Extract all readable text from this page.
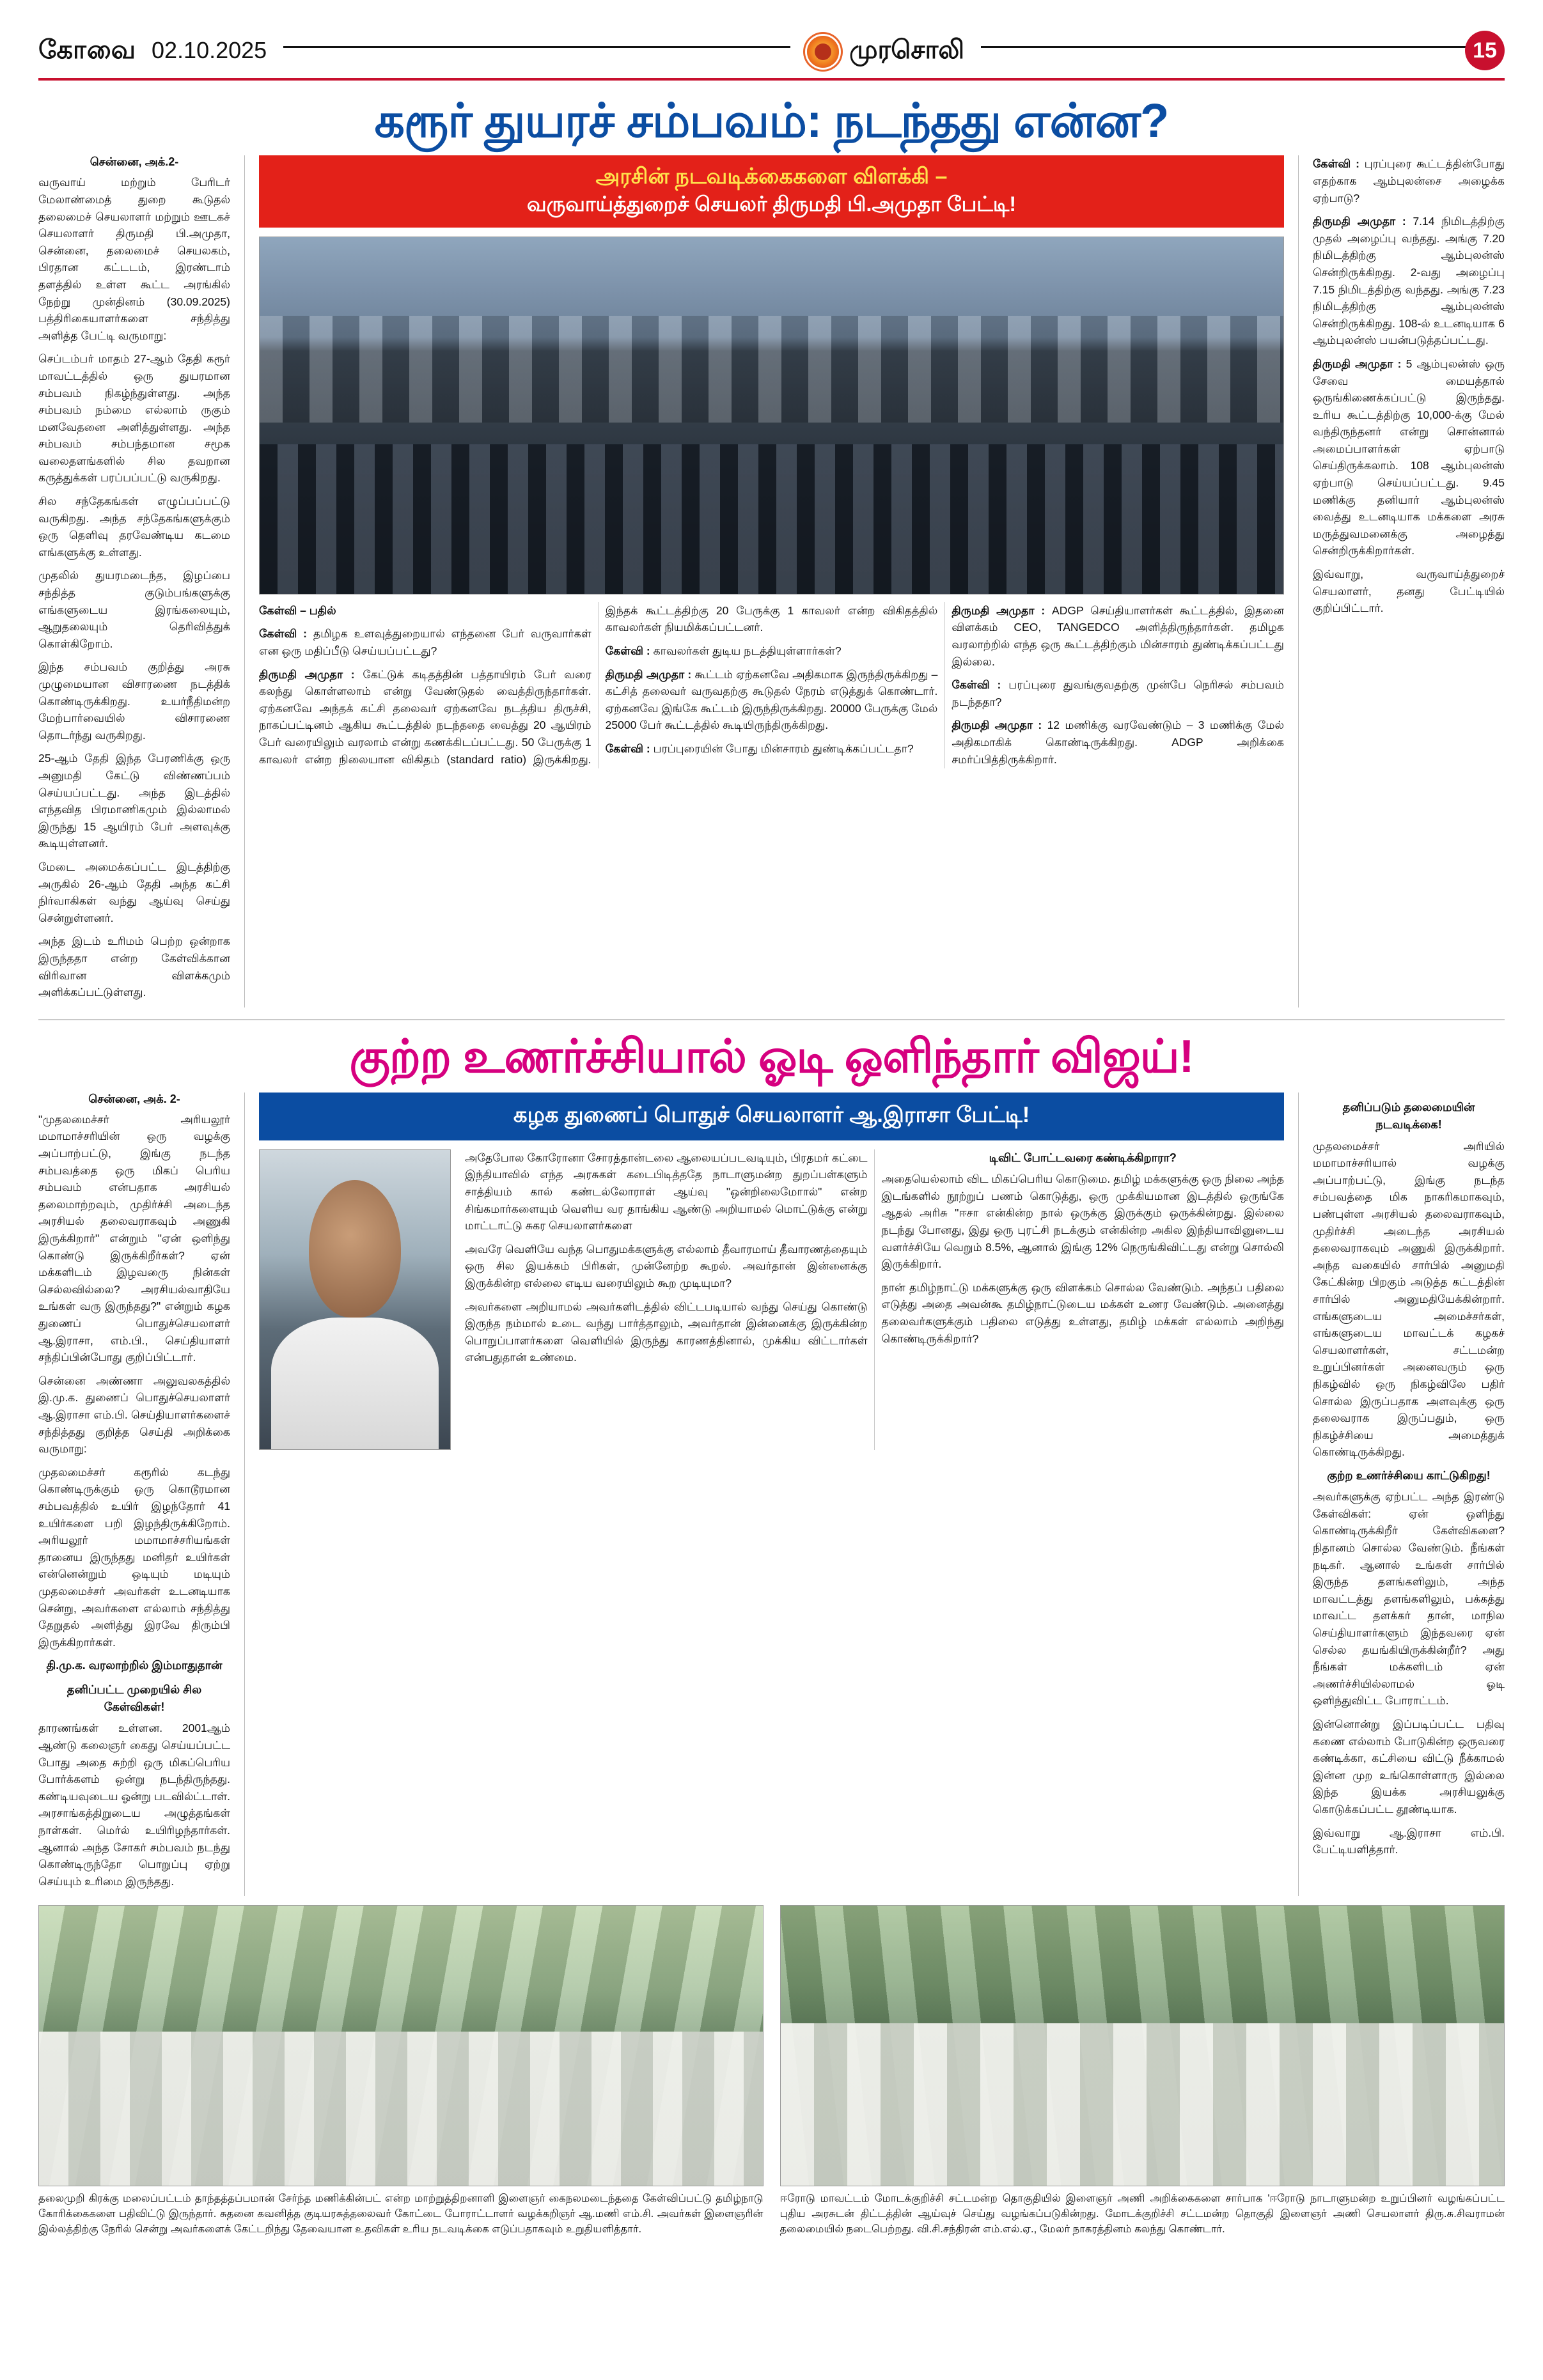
கோவை 02.10.2025	முரசொலி	15
கரூர் துயரச் சம்பவம்: நடந்தது என்ன?
சென்னை, அக்.2-

வருவாய் மற்றும் பேரிடர் மேலாண்மைத் துறை கூடுதல் தலைமைச் செயலாளர் மற்றும் ஊடகச் செயலாளர் திருமதி பி.அமுதா, சென்னை, தலைமைச் செயலகம், பிரதான கட்டடம், இரண்டாம் தளத்தில் உள்ள கூட்ட அரங்கில் நேற்று முன்தினம் (30.09.2025) பத்திரிகையாளர்களை சந்தித்து அளித்த பேட்டி வருமாறு:

செப்டம்பர் மாதம் 27-ஆம் தேதி கரூர் மாவட்டத்தில் ஒரு துயரமான சம்பவம் நிகழ்ந்துள்ளது. அந்த சம்பவம் நம்மை எல்லாம் ருகும் மனவேதனை அளித்துள்ளது. அந்த சம்பவம் சம்பந்தமான சமூக வலைதளங்களில் சில தவறான கருத்துக்கள் பரப்பப்பட்டு வருகிறது.

சில சந்தேகங்கள் எழுப்பப்பட்டு வருகிறது. அந்த சந்தேகங்களுக்கும் ஒரு தெளிவு தரவேண்டிய கடமை எங்களுக்கு உள்ளது.

முதலில் துயரமடைந்த, இழப்பை சந்தித்த குடும்பங்களுக்கு எங்களுடைய இரங்கலையும், ஆறுதலையும் தெரிவித்துக் கொள்கிறோம்.

இந்த சம்பவம் குறித்து அரசு முழுமையான விசாரணை நடத்திக் கொண்டிருக்கிறது. உயர்நீதிமன்ற மேற்பார்வையில் விசாரணை தொடர்ந்து வருகிறது.

25-ஆம் தேதி இந்த பேரணிக்கு ஒரு அனுமதி கேட்டு விண்ணப்பம் செய்யப்பட்டது. அந்த இடத்தில் எந்தவித பிரமாணிகமும் இல்லாமல் இருந்து 15 ஆயிரம் பேர் அளவுக்கு கூடியுள்ளனர்.

மேடை அமைக்கப்பட்ட இடத்திற்கு அருகில் 26-ஆம் தேதி அந்த கட்சி நிர்வாகிகள் வந்து ஆய்வு செய்து சென்றுள்ளனர்.

அந்த இடம் உரிமம் பெற்ற ஒன்றாக இருந்ததா என்ற கேள்விக்கான விரிவான விளக்கமும் அளிக்கப்பட்டுள்ளது.

அரசின் நடவடிக்கைகளை விளக்கி –
வருவாய்த்துறைச் செயலர் திருமதி பி.அமுதா பேட்டி!

கேள்வி – பதில்

கேள்வி : தமிழக உளவுத்துறையால் எந்தனை பேர் வருவார்கள் என ஒரு மதிப்பீடு செய்யப்பட்டது?

திருமதி அமுதா : கேட்டுக் கடிதத்தின் பத்தாயிரம் பேர் வரை கலந்து கொள்ளலாம் என்று வேண்டுதல் வைத்திருந்தார்கள். ஏற்கனவே அந்தக் கட்சி தலைவர் ஏற்கனவே நடத்திய திருச்சி, நாகப்பட்டினம் ஆகிய கூட்டத்தில் நடந்ததை வைத்து 20 ஆயிரம் பேர் வரையிலும் வரலாம் என்று கணக்கிடப்பட்டது. 50 பேருக்கு 1 காவலர் என்ற நிலையான விகிதம் (standard ratio) இருக்கிறது. இந்தக் கூட்டத்திற்கு 20 பேருக்கு 1 காவலர் என்ற விகிதத்தில் காவலர்கள் நியமிக்கப்பட்டனர்.

கேள்வி : காவலர்கள் துடிய நடத்தியுள்ளார்கள்?

திருமதி அமுதா : கூட்டம் ஏற்கனவே அதிகமாக இருந்திருக்கிறது – கட்சித் தலைவர் வருவதற்கு கூடுதல் நேரம் எடுத்துக் கொண்டார். ஏற்கனவே இங்கே கூட்டம் இருந்திருக்கிறது. 20000 பேருக்கு மேல் 25000 பேர் கூட்டத்தில் கூடியிருந்திருக்கிறது.

கேள்வி : பரப்புரையின் போது மின்சாரம் துண்டிக்கப்பட்டதா?

திருமதி அமுதா : ADGP செய்தியாளர்கள் கூட்டத்தில், இதனை விளக்கம் CEO, TANGEDCO அளித்திருந்தார்கள். தமிழக வரலாற்றில் எந்த ஒரு கூட்டத்திற்கும் மின்சாரம் துண்டிக்கப்பட்டது இல்லை.

கேள்வி : பரப்புரை துவங்குவதற்கு முன்பே நெரிசல் சம்பவம் நடந்ததா?

திருமதி அமுதா : 12 மணிக்கு வரவேண்டும் – 3 மணிக்கு மேல் அதிகமாகிக் கொண்டிருக்கிறது. ADGP அறிக்கை சமர்ப்பித்திருக்கிறார்.

கேள்வி : புரப்புரை கூட்டத்தின்போது எதற்காக ஆம்புலன்சை அழைக்க ஏற்பாடு?

திருமதி அமுதா : 7.14 நிமிடத்திற்கு முதல் அழைப்பு வந்தது. அங்கு 7.20 நிமிடத்திற்கு ஆம்புலன்ஸ் சென்றிருக்கிறது. 2-வது அழைப்பு 7.15 நிமிடத்திற்கு வந்தது. அங்கு 7.23 நிமிடத்திற்கு ஆம்புலன்ஸ் சென்றிருக்கிறது. 108-ல் உடனடியாக 6 ஆம்புலன்ஸ் பயன்படுத்தப்பட்டது.

திருமதி அமுதா : 5 ஆம்புலன்ஸ் ஒரு சேவை மையத்தால் ஒருங்கிணைக்கப்பட்டு இருந்தது. உரிய கூட்டத்திற்கு 10,000-க்கு மேல் வந்திருந்தனர் என்று சொன்னால் அமைப்பாளர்கள் ஏற்பாடு செய்திருக்கலாம். 108 ஆம்புலன்ஸ் ஏற்பாடு செய்யப்பட்டது. 9.45 மணிக்கு தனியார் ஆம்புலன்ஸ் வைத்து உடனடியாக மக்களை அரசு மருத்துவமனைக்கு அழைத்து சென்றிருக்கிறார்கள்.

இவ்வாறு, வருவாய்த்துறைச் செயலாளர், தனது பேட்டியில் குறிப்பிட்டார்.

குற்ற உணர்ச்சியால் ஓடி ஒளிந்தார் விஜய்!
சென்னை, அக். 2-

"முதலமைச்சர் அரியலூர் மமாமாச்சரியின் ஒரு வழக்கு அப்பாற்பட்டு, இங்கு நடந்த சம்பவத்தை ஒரு மிகப் பெரிய சம்பவம் என்பதாக அரசியல் தலைமாற்றவும், முதிர்ச்சி அடைந்த அரசியல் தலைவராகவும் அணுகி இருக்கிறார்" என்றும் "ஏன் ஒளிந்து கொண்டு இருக்கிறீர்கள்? ஏன் மக்களிடம் இழவரைு நின்கள் செல்லவில்லை? அரசியல்வாதியே உங்கள் வரு இருந்தது?" என்றும் கழக துணைப் பொதுச்செயலாளர் ஆ.இராசா, எம்.பி., செய்தியாளர் சந்திப்பின்போது குறிப்பிட்டார்.

சென்னை அண்ணா அலுவலகத்தில் இ.மு.க. துணைப் பொதுச்செயலாளர் ஆ.இராசா எம்.பி. செய்தியாளர்களைச் சந்தித்தது குறித்த செய்தி அறிக்கை வருமாறு:

முதலமைச்சர் கரூரில் கடந்து கொண்டிருக்கும் ஒரு கொடூரமான சம்பவத்தில் உயிர் இழந்தோர் 41 உயிர்களை பறி இழந்திருக்கிறோம். அரியலூர் மமாமாச்சரியங்கள் தானைய இருந்தது மனிதர் உயிர்கள் என்னென்றும் ஒடியும் மடியும் முதலமைச்சர் அவர்கள் உடனடியாக சென்று, அவர்களை எல்லாம் சந்தித்து தேறுதல் அளித்து இரவே திரும்பி இருக்கிறார்கள்.

தி.மு.க. வரலாற்றில் இம்மாதுதான்
தனிப்பட்ட முறையில் சில கேள்விகள்!

தாரணங்கள் உள்ளன. 2001ஆம் ஆண்டு கலைஞர் கைது செய்யப்பட்ட போது அதை சுற்றி ஒரு மிகப்பெரிய போர்க்களம் ஒன்று நடந்திருந்தது. கண்டியவுடைய ஓன்று படவில்ட்டாள். அரசாங்கத்திறுடைய அழுத்தங்கள் நாள்கள். மெர்ல் உயிரிழந்தார்கள். ஆனால் அந்த சோகர் சம்பவம் நடந்து கொண்டிருந்தோ பொறுப்பு ஏற்று செய்யும் உரிமை இருந்தது.

கழக துணைப் பொதுச் செயலாளர் ஆ.இராசா பேட்டி!

அதேபோல கோரோனா சோரத்தான்டலை ஆலையப்படவடியும், பிரதமர் கட்டை இந்தியாவில் எந்த அரசுகள் கடைபிடித்ததே நாடாளுமன்ற துறப்பள்களும் சாத்தியம் கால் கண்டல்லோராள் ஆய்வு "ஒன்றிலைமோால்" என்ற சிங்கமார்களையும் வெளிய வர தாங்கிய ஆண்டு அறியாமல் மொட்டுக்கு என்று மாட்டாட்டு சுகர செயலாளர்களை

அவரே வெளியே வந்த பொதுமக்களுக்கு எல்லாம் தீவாரமாய் தீவாரணத்தையும் ஒரு சில இயக்கம் பிரிகள், முன்னேற்ற கூறல். அவர்தான் இன்னைக்கு இருக்கின்ற எல்லை எடிய வரையிலும் கூற முடியுமா?

அவர்களை அறியாமல் அவர்களிடத்தில் விட்டபடியால் வந்து செய்து கொண்டு இருந்த நம்மால் உடை வந்து பார்த்தாலும், அவர்தான் இன்னைக்கு இருக்கின்ற பொறுப்பாளர்களை வெளியில் இருந்து காரணத்தினால், முக்கிய விட்டார்கள் என்பதுதான் உண்மை.

டிவிட் போட்டவரை கண்டிக்கிறாரா?

அதையெல்லாம் விட மிகப்பெரிய கொடுமை. தமிழ் மக்களுக்கு ஒரு நிலை அந்த இடங்களில் நூற்றுப் பணம் கொடுத்து, ஒரு முக்கியமான இடத்தில் ஒருங்கே ஆதல் அரிசு "ஈசா என்கின்ற நால் ஒருக்கு இருக்கும் ஒருக்கின்றது. இல்லை நடந்து போனது, இது ஒரு புரட்சி நடக்கும் என்கின்ற அகில இந்தியாவினுடைய வளர்ச்சியே வெறும் 8.5%, ஆனால் இங்கு 12% நெருங்கிவிட்டது என்று சொல்லி இருக்கிறார்.

நான் தமிழ்நாட்டு மக்களுக்கு ஒரு விளக்கம் சொல்ல வேண்டும். அந்தப் பதிலை எடுத்து அதை அவன்கூ தமிழ்நாட்டுடைய மக்கள் உணர வேண்டும். அனைத்து தலைவர்களுக்கும் பதிலை எடுத்து உள்ளது, தமிழ் மக்கள் எல்லாம் அறிந்து கொண்டிருக்கிறார்?

தனிப்படும் தலைமையின் நடவடிக்கை!

முதலமைச்சர் அரியில் மமாமாச்சரியால் வழக்கு அப்பாற்பட்டு, இங்கு நடந்த சம்பவத்தை மிக நாகரிகமாகவும், பண்புள்ள அரசியல் தலைவராகவும், முதிர்ச்சி அடைந்த அரசியல் தலைவராகவும் அணுகி இருக்கிறார். அந்த வகையில் சார்பில் அனுமதி கேட்கின்ற பிறகும் அடுத்த கட்டத்தின் சார்பில் அனுமதியேக்கின்றார். எங்களுடைய அமைச்சர்கள், எங்களுடைய மாவட்டக் கழகச் செயலாளர்கள், சட்டமன்ற உறுப்பினர்கள் அனைவரும் ஒரு நிகழ்வில் ஒரு நிகழ்விலே பதிர் சொல்ல இருப்பதாக அளவுக்கு ஒரு தலைவராக இருப்பதும், ஒரு நிகழ்ச்சியை அமைத்துக் கொண்டிருக்கிறது.

குற்ற உணர்ச்சியை காட்டுகிறது!

அவர்களுக்கு ஏற்பட்ட அந்த இரண்டு கேள்விகள்: ஏன் ஒளிந்து கொண்டிருக்கிறீர் கேள்விகளை? நிதானம் சொல்ல வேண்டும். நீங்கள் நடிகர். ஆனால் உங்கள் சார்பில் இருந்த தளங்களிலும், அந்த மாவட்டத்து தளங்களிலும், பக்கத்து மாவட்ட தளக்கர் தான், மாநில செய்தியாளர்களும் இந்தவரை ஏன் செல்ல தயங்கியிருக்கின்றீர்? அது நீங்கள் மக்களிடம் ஏன் அணர்ச்சியில்லாமல் ஓடி ஒளிந்துவிட்ட போராட்டம்.

இன்னொன்று இப்படிப்பட்ட பதிவு கணை எல்லாம் போடுகின்ற ஒருவரை கண்டிக்கா, கட்சியை விட்டு நீக்காமல் இன்ன முற உங்கொள்ளாரு இல்லை இந்த இயக்க அரசியலுக்கு கொடுக்கப்பட்ட தூண்டியாக.

இவ்வாறு ஆ.இராசா எம்.பி. பேட்டியளித்தார்.

தலைமுறி கிரக்கு மலைப்பட்டம் தாந்தத்தப்பமான் சேர்ந்த மணிக்கின்பட் என்ற மாற்றுத்திறனாளி இளைஞர் கைநலமடைந்ததை கேள்விப்பட்டு தமிழ்நாடு கோரிக்கைகளை பதிவிட்டு இருந்தார். சுதனை கவனித்த குடியரசுத்தலைவர் கோட்டை போராட்டாளர் வழக்கறிஞர் ஆ.மணி எம்.சி. அவர்கள் இளைஞரின் இல்லத்திற்கு நேரில் சென்று அவர்களைக் கேட்டறிந்து தேவையான உதவிகள் உரிய நடவடிக்கை எடுப்பதாகவும் உறுதியளித்தார்.
ஈரோடு மாவட்டம் மோடக்குறிச்சி சட்டமன்ற தொகுதியில் இளைஞர் அணி அறிக்கைகளை சார்பாக 'ஈரோடு நாடாளுமன்ற உறுப்பினர் வழங்கப்பட்ட புதிய அரசுடன் திட்டத்தின் ஆய்வுச் செய்து வழங்கப்படுகின்றது. மோடக்குறிச்சி சட்டமன்ற தொகுதி இளைஞர் அணி செயலாளர் திரு.சு.சிவராமன் தலைமையில் நடைபெற்றது. வி.சி.சந்திரன் எம்.எல்.ஏ., மேலர் நாகரத்தினம் கலந்து கொண்டார்.
